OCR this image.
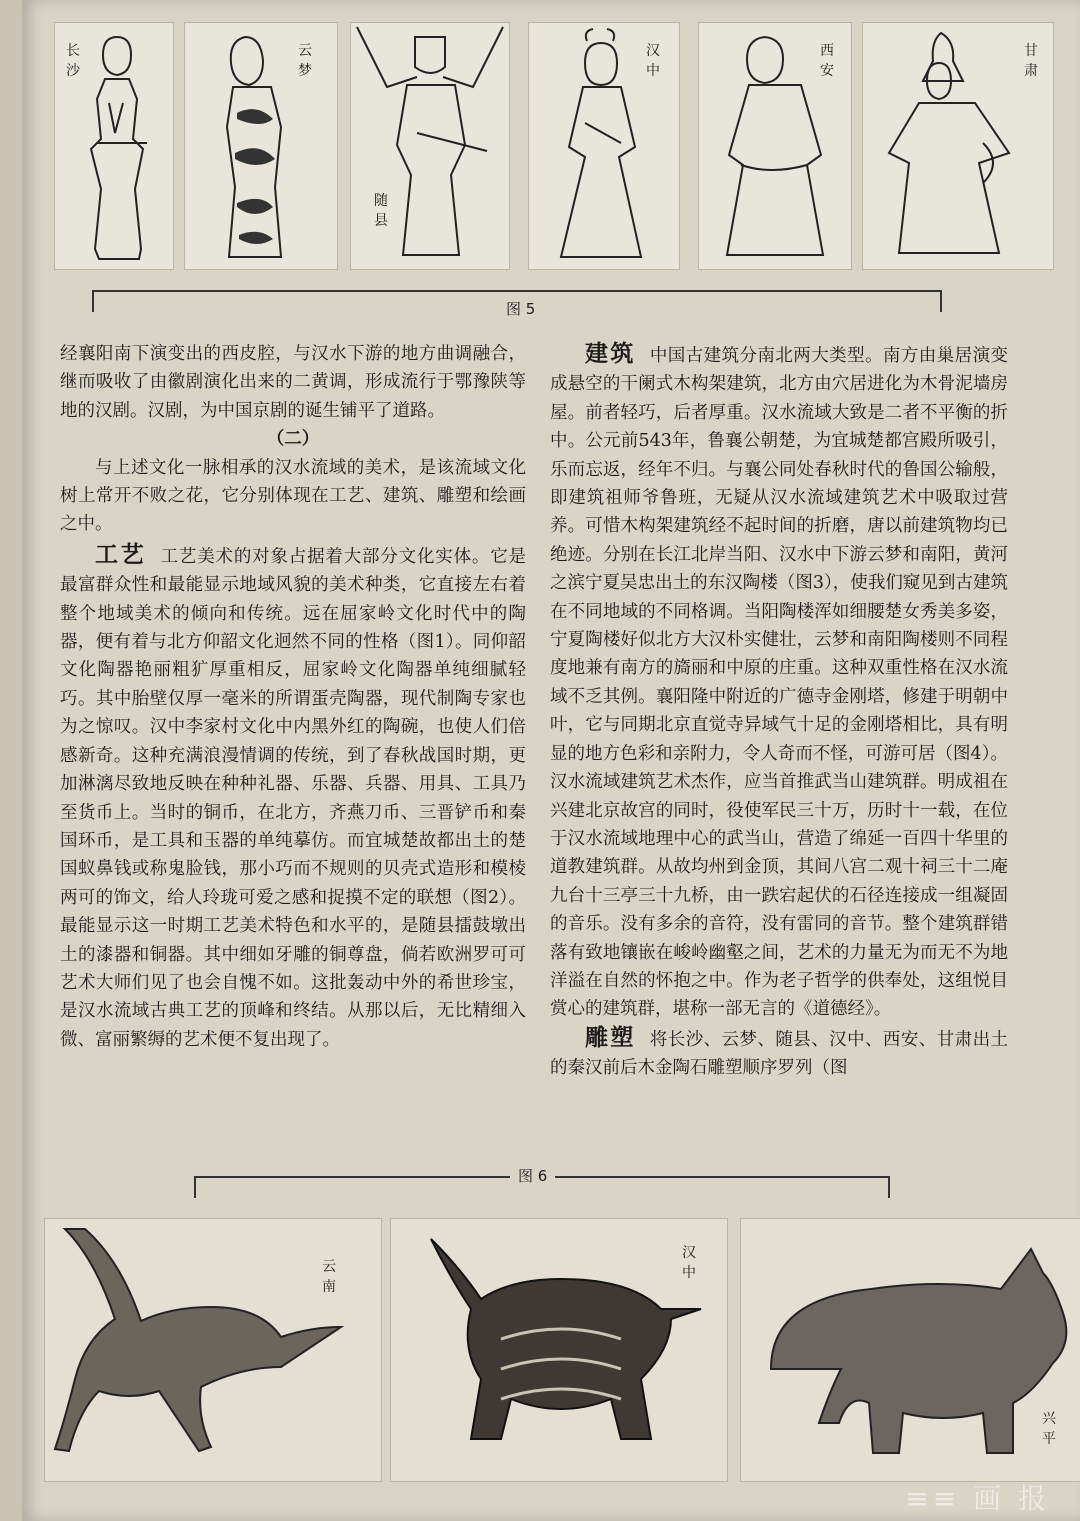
长沙
云梦
随县
汉中
西安
甘肃
图 5

经襄阳南下演变出的西皮腔，与汉水下游的地方曲调融合，继而吸收了由徽剧演化出来的二黄调，形成流行于鄂豫陕等地的汉剧。汉剧，为中国京剧的诞生铺平了道路。

（二）

与上述文化一脉相承的汉水流域的美术，是该流域文化树上常开不败之花，它分别体现在工艺、建筑、雕塑和绘画之中。

工艺 工艺美术的对象占据着大部分文化实体。它是最富群众性和最能显示地域风貌的美术种类，它直接左右着整个地域美术的倾向和传统。远在屈家岭文化时代中的陶器，便有着与北方仰韶文化迥然不同的性格（图1）。同仰韶文化陶器艳丽粗犷厚重相反，屈家岭文化陶器单纯细腻轻巧。其中胎壁仅厚一毫米的所谓蛋壳陶器，现代制陶专家也为之惊叹。汉中李家村文化中内黑外红的陶碗，也使人们倍感新奇。这种充满浪漫情调的传统，到了春秋战国时期，更加淋漓尽致地反映在种种礼器、乐器、兵器、用具、工具乃至货币上。当时的铜币，在北方，齐燕刀币、三晋铲币和秦国环币，是工具和玉器的单纯摹仿。而宜城楚故都出土的楚国蚁鼻钱或称鬼脸钱，那小巧而不规则的贝壳式造形和模棱两可的饰文，给人玲珑可爱之感和捉摸不定的联想（图2）。最能显示这一时期工艺美术特色和水平的，是随县擂鼓墩出土的漆器和铜器。其中细如牙雕的铜尊盘，倘若欧洲罗可可艺术大师们见了也会自愧不如。这批轰动中外的希世珍宝，是汉水流域古典工艺的顶峰和终结。从那以后，无比精细入微、富丽繁缛的艺术便不复出现了。

建筑 中国古建筑分南北两大类型。南方由巢居演变成悬空的干阑式木构架建筑，北方由穴居进化为木骨泥墙房屋。前者轻巧，后者厚重。汉水流域大致是二者不平衡的折中。公元前543年，鲁襄公朝楚，为宜城楚都宫殿所吸引，乐而忘返，经年不归。与襄公同处春秋时代的鲁国公输般，即建筑祖师爷鲁班，无疑从汉水流域建筑艺术中吸取过营养。可惜木构架建筑经不起时间的折磨，唐以前建筑物均已绝迹。分别在长江北岸当阳、汉水中下游云梦和南阳，黄河之滨宁夏吴忠出土的东汉陶楼（图3），使我们窥见到古建筑在不同地域的不同格调。当阳陶楼浑如细腰楚女秀美多姿，宁夏陶楼好似北方大汉朴实健壮，云梦和南阳陶楼则不同程度地兼有南方的旖丽和中原的庄重。这种双重性格在汉水流域不乏其例。襄阳隆中附近的广德寺金刚塔，修建于明朝中叶，它与同期北京直觉寺异域气十足的金刚塔相比，具有明显的地方色彩和亲附力，令人奇而不怪，可游可居（图4）。汉水流域建筑艺术杰作，应当首推武当山建筑群。明成祖在兴建北京故宫的同时，役使军民三十万，历时十一载，在位于汉水流域地理中心的武当山，营造了绵延一百四十华里的道教建筑群。从故均州到金顶，其间八宫二观十祠三十二庵九台十三亭三十九桥，由一跌宕起伏的石径连接成一组凝固的音乐。没有多余的音符，没有雷同的音节。整个建筑群错落有致地镶嵌在峻岭幽壑之间，艺术的力量无为而无不为地洋溢在自然的怀抱之中。作为老子哲学的供奉处，这组悦目赏心的建筑群，堪称一部无言的《道德经》。

雕塑 将长沙、云梦、随县、汉中、西安、甘肃出土的秦汉前后木金陶石雕塑顺序罗列（图

图 6
云南
汉中
兴平
≡≡ 画 报
